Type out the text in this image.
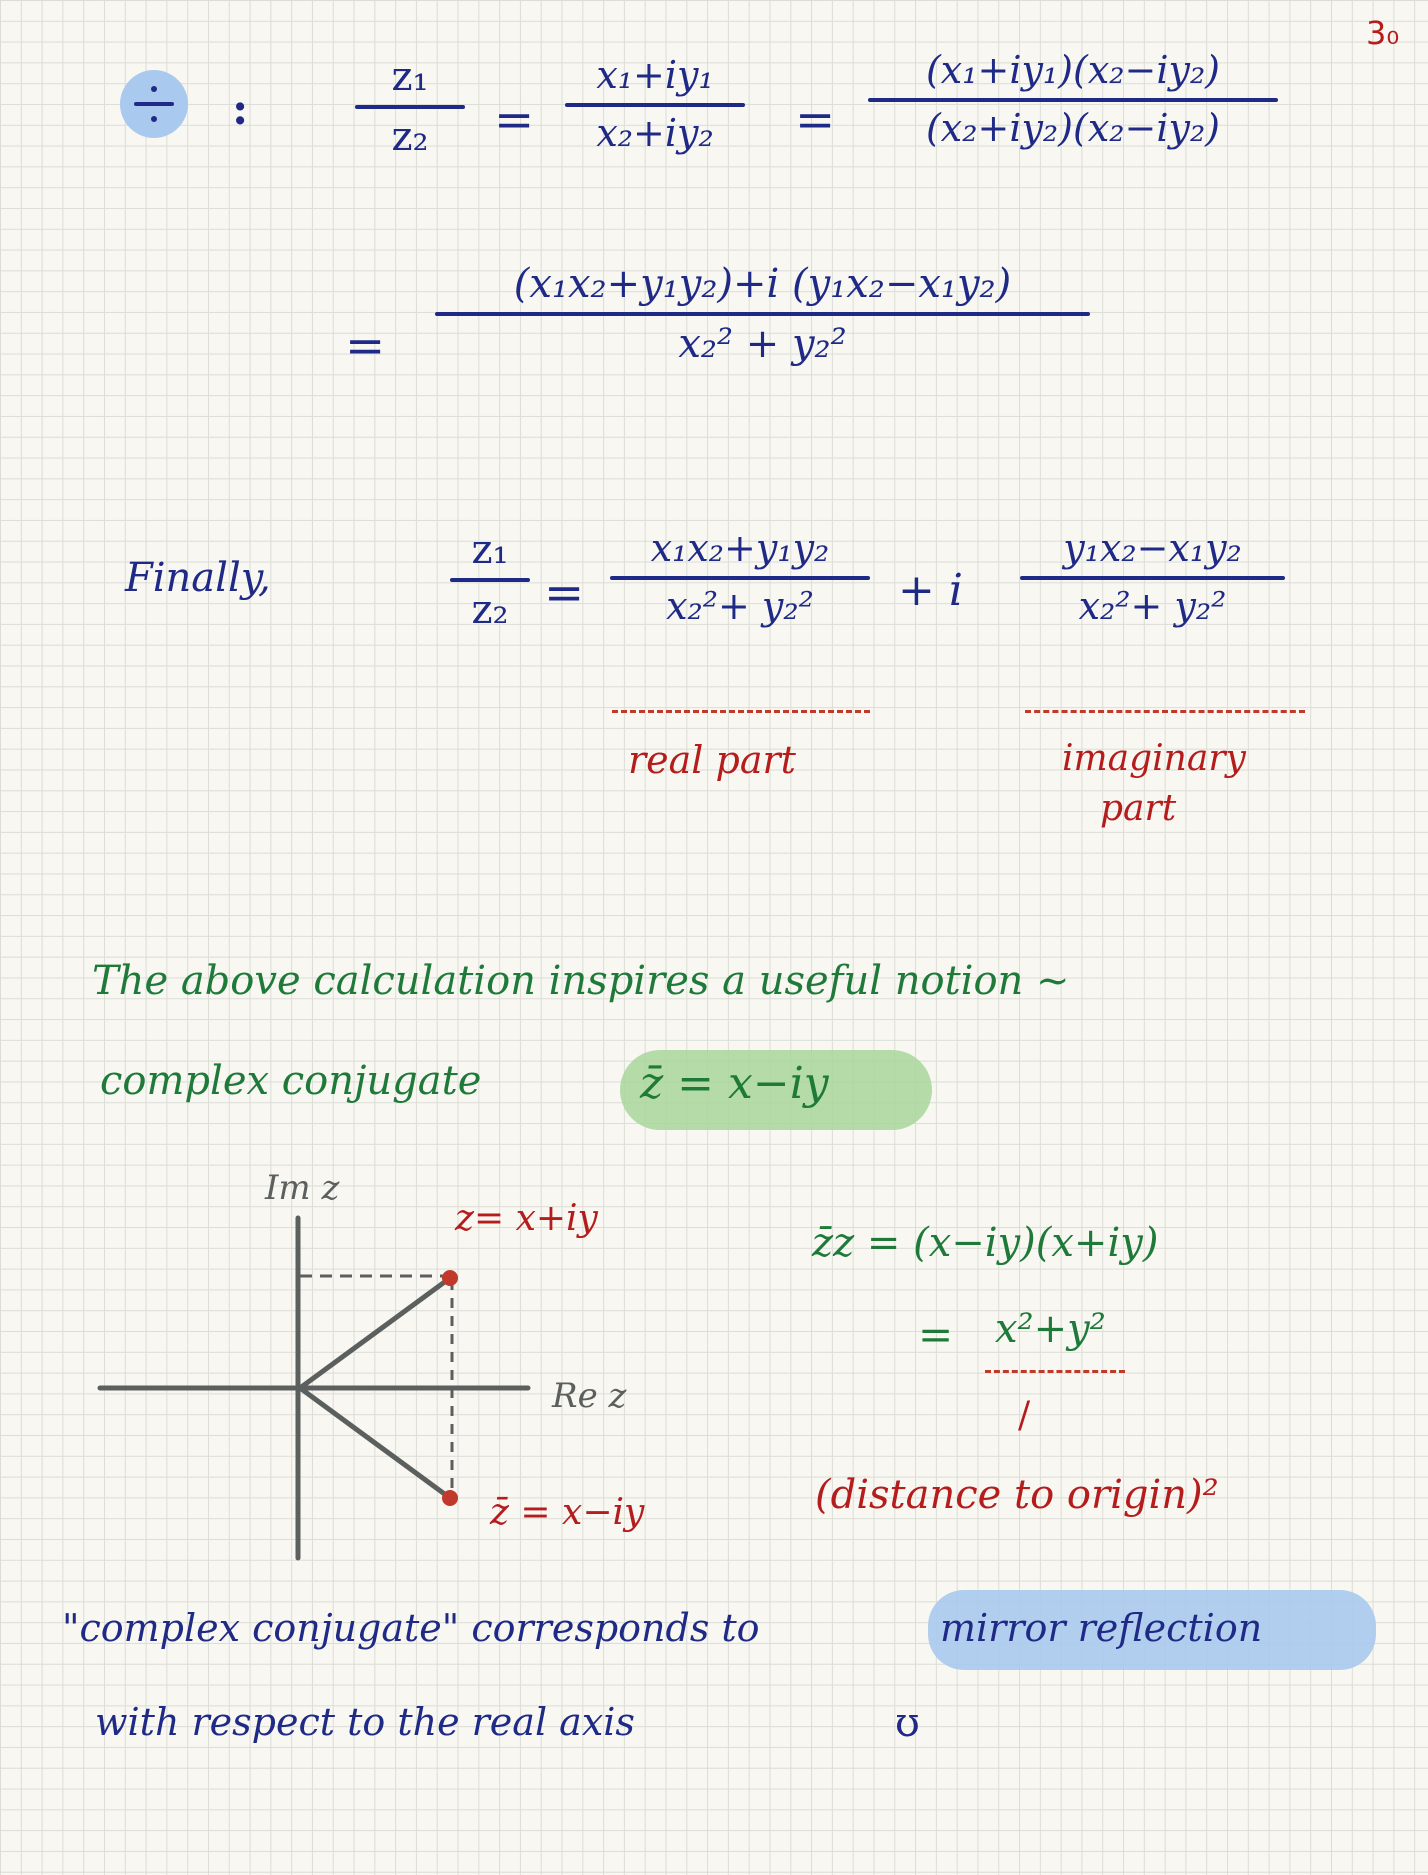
3₀
:
z₁
z₂ =
x₁+iy₁
x₂+iy₂ =
(x₁+iy₁)(x₂−iy₂)
(x₂+iy₂)(x₂−iy₂)
=
(x₁x₂+y₁y₂)+i (y₁x₂−x₁y₂)
x₂² + y₂²
Finally,
z₁
z₂ =
x₁x₂+y₁y₂
x₂²+ y₂² + i
y₁x₂−x₁y₂
x₂²+ y₂²
real part	imaginary
part
The above calculation inspires a useful notion ~
complex conjugate	z̄ = x−iy
Im z
Re z
z= x+iy
z̄ = x−iy
z̄z = (x−iy)(x+iy)
= x²+y²
/
(distance to origin)²
"complex conjugate" corresponds to	mirror reflection
with respect to the real axis	ʊ
